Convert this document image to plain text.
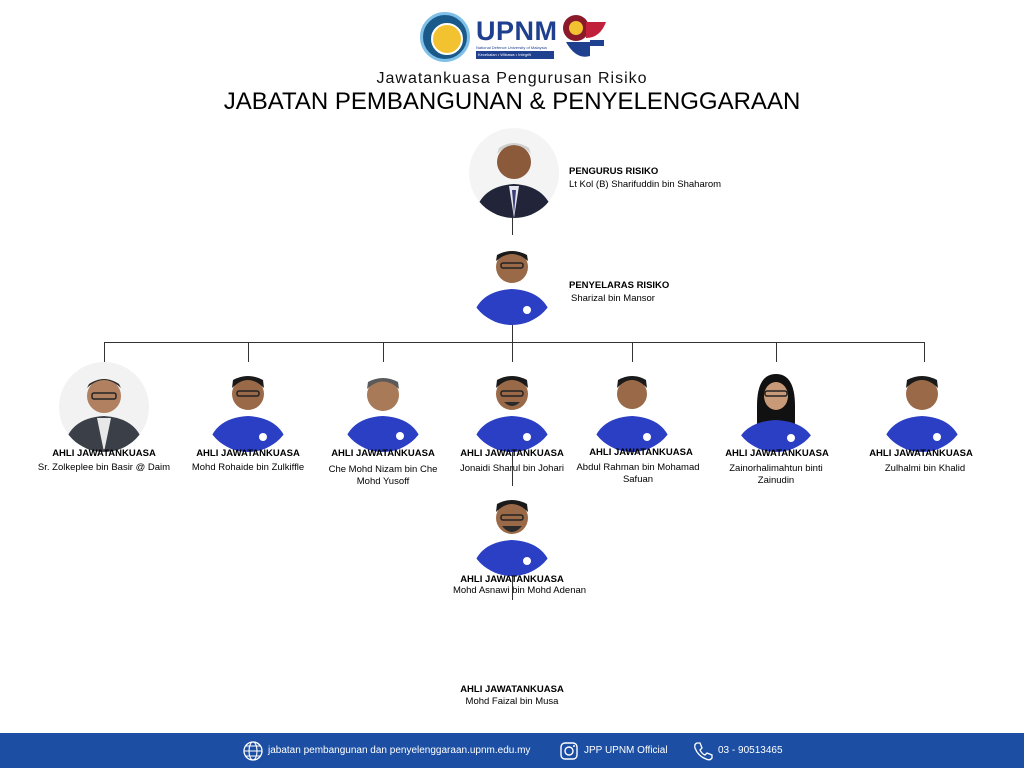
UPNM
National Defence University of Malaysia
Kecekalan • Wibawa • Integriti
Jawatankuasa Pengurusan Risiko
JABATAN PEMBANGUNAN & PENYELENGGARAAN
PENGURUS RISIKO
Lt Kol (B) Sharifuddin bin Shaharom
PENYELARAS RISIKO
Sharizal bin Mansor
AHLI JAWATANKUASA
Sr. Zolkeplee bin Basir @ Daim
AHLI JAWATANKUASA
Mohd Rohaide bin Zulkiffle
AHLI JAWATANKUASA
Che Mohd Nizam bin Che Mohd Yusoff
AHLI JAWATANKUASA
Jonaidi Sharul bin Johari
AHLI JAWATANKUASA
Abdul Rahman bin Mohamad Safuan
AHLI JAWATANKUASA
Zainorhalimahtun binti Zainudin
AHLI JAWATANKUASA
Zulhalmi bin Khalid
AHLI JAWATANKUASA
Mohd Asnawi bin Mohd Adenan
AHLI JAWATANKUASA
Mohd Faizal bin Musa
jabatan pembangunan dan penyelenggaraan.upnm.edu.my	JPP UPNM Official	03 - 90513465
